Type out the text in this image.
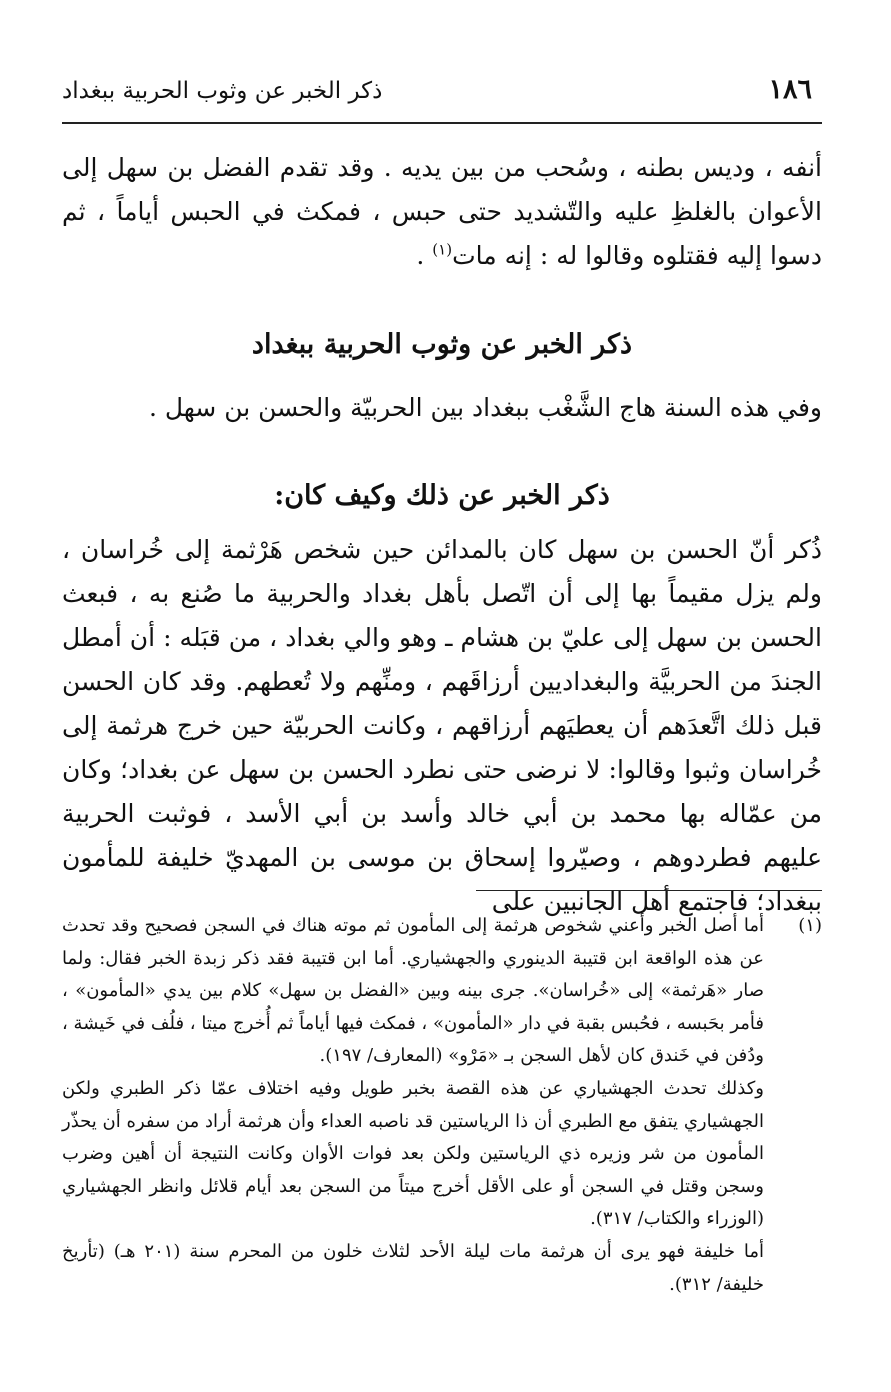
١٨٦
ذكر الخبر عن وثوب الحربية ببغداد
أنفه ، وديس بطنه ، وسُحب من بين يديه . وقد تقدم الفضل بن سهل إلى الأعوان بالغلظِ عليه والتّشديد حتى حبس ، فمكث في الحبس أياماً ، ثم دسوا إليه فقتلوه وقالوا له : إنه مات$^{(١)}$ .
ذكر الخبر عن وثوب الحربية ببغداد
وفي هذه السنة هاج الشَّغْب ببغداد بين الحربيّة والحسن بن سهل .
ذكر الخبر عن ذلك وكيف كان:
ذُكر أنّ الحسن بن سهل كان بالمدائن حين شخص هَرْثمة إلى خُراسان ، ولم يزل مقيماً بها إلى أن اتّصل بأهل بغداد والحربية ما صُنع به ، فبعث الحسن بن سهل إلى عليّ بن هشام ـ وهو والي بغداد ، من قبَله : أن أمطل الجندَ من الحربيَّة والبغداديين أرزاقَهم ، ومنِّهم ولا تُعطهم. وقد كان الحسن قبل ذلك اتَّعدَهم أن يعطيَهم أرزاقهم ، وكانت الحربيّة حين خرج هرثمة إلى خُراسان وثبوا وقالوا: لا نرضى حتى نطرد الحسن بن سهل عن بغداد؛ وكان من عمّاله بها محمد بن أبي خالد وأسد بن أبي الأسد ، فوثبت الحربية عليهم فطردوهم ، وصيّروا إسحاق بن موسى بن المهديّ خليفة للمأمون ببغداد؛ فاجتمع أهل الجانبين على
(١)

أما أصل الخبر وأعني شخوص هرثمة إلى المأمون ثم موته هناك في السجن فصحيح وقد تحدث عن هذه الواقعة ابن قتيبة الدينوري والجهشياري. أما ابن قتيبة فقد ذكر زبدة الخبر فقال: ولما صار «هَرثمة» إلى «خُراسان». جرى بينه وبين «الفضل بن سهل» كلام بين يدي «المأمون» ، فأمر بحَبسه ، فحُبس بقبة في دار «المأمون» ، فمكث فيها أياماً ثم أُخرج ميتا ، فلُف في خَيشة ، ودُفن في خَندق كان لأهل السجن بـ «مَرْو» (المعارف/ ١٩٧).

وكذلك تحدث الجهشياري عن هذه القصة بخبر طويل وفيه اختلاف عمّا ذكر الطبري ولكن الجهشياري يتفق مع الطبري أن ذا الرياستين قد ناصبه العداء وأن هرثمة أراد من سفره أن يحذّر المأمون من شر وزيره ذي الرياستين ولكن بعد فوات الأوان وكانت النتيجة أن أهين وضرب وسجن وقتل في السجن أو على الأقل أخرج ميتاً من السجن بعد أيام قلائل وانظر الجهشياري (الوزراء والكتاب/ ٣١٧).

أما خليفة فهو يرى أن هرثمة مات ليلة الأحد لثلاث خلون من المحرم سنة (٢٠١ هـ) (تأريخ خليفة/ ٣١٢).
